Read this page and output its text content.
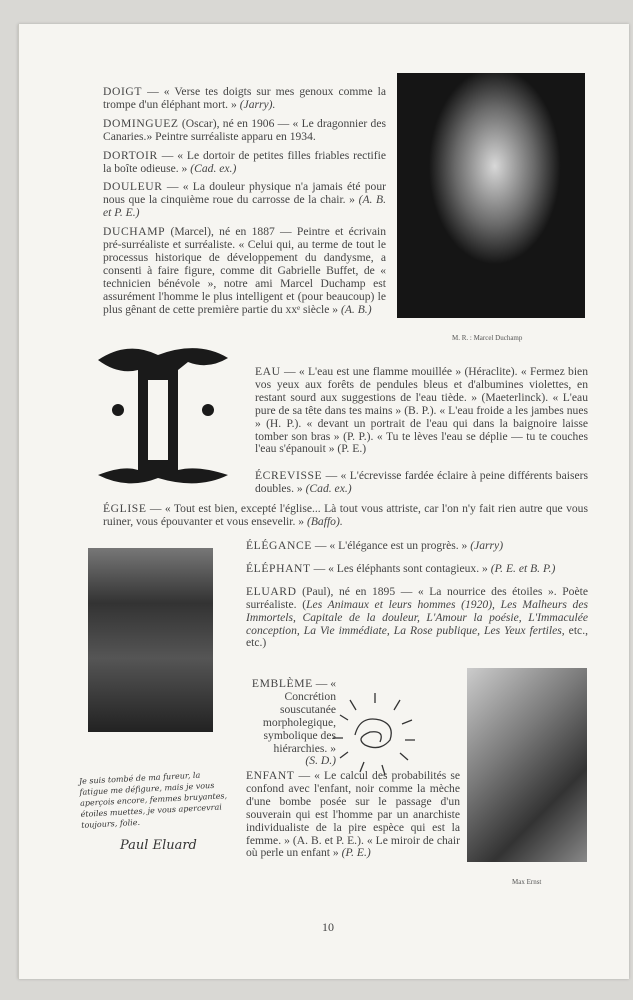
DOIGT — « Verse tes doigts sur mes genoux comme la trompe d'un éléphant mort. » (Jarry).

DOMINGUEZ (Oscar), né en 1906 — « Le dragonnier des Canaries.» Peintre surréaliste apparu en 1934.

DORTOIR — « Le dortoir de petites filles friables rectifie la boîte odieuse. » (Cad. ex.)

DOULEUR — « La douleur physique n'a jamais été pour nous que la cinquième roue du carrosse de la chair. » (A. B. et P. E.)

DUCHAMP (Marcel), né en 1887 — Peintre et écrivain pré-surréaliste et surréaliste. « Celui qui, au terme de tout le processus historique de développement du dandysme, a consenti à faire figure, comme dit Gabrielle Buffet, de « technicien bénévole », notre ami Marcel Duchamp est assurément l'homme le plus intelligent et (pour beaucoup) le plus gênant de cette première partie du xxᵉ siècle » (A. B.)

M. R. : Marcel Duchamp

EAU — « L'eau est une flamme mouillée » (Héraclite). « Fermez bien vos yeux aux forêts de pendules bleus et d'albumines violettes, en restant sourd aux suggestions de l'eau tiède. » (Maeterlinck). « L'eau pure de sa tête dans tes mains » (B. P.). « L'eau froide a les jambes nues » (H. P.). « devant un portrait de l'eau qui dans la baignoire laisse tomber son bras » (P. P.). « Tu te lèves l'eau se déplie — tu te couches l'eau s'épanouit » (P. E.)

ÉCREVISSE — « L'écrevisse fardée éclaire à peine différents baisers doubles. » (Cad. ex.)

ÉGLISE — « Tout est bien, excepté l'église... Là tout vous attriste, car l'on n'y fait rien autre que vous ruiner, vous épouvanter et vous ensevelir. » (Baffo).

ÉLÉGANCE — « L'élégance est un progrès. » (Jarry)

ÉLÉPHANT — « Les éléphants sont contagieux. » (P. E. et B. P.)

ELUARD (Paul), né en 1895 — « La nourrice des étoiles ». Poète surréaliste. (Les Animaux et leurs hommes (1920), Les Malheurs des Immortels, Capitale de la douleur, L'Amour la poésie, L'Immaculée conception, La Vie immédiate, La Rose publique, Les Yeux fertiles, etc., etc.)

EMBLÈME — « Concrétion souscutanée morpholegique, symbolique des hiérarchies. »
(S. D.)
ENFANT — « Le calcul des probabilités se confond avec l'enfant, noir comme la mèche d'une bombe posée sur le passage d'un souverain qui est l'homme par un anarchiste individualiste de la pire espèce qui est la femme. » (A. B. et P. E.). « Le miroir de chair où perle un enfant » (P. E.)
Max Ernst
Je suis tombé de ma fureur, la fatigue me défigure, mais je vous aperçois encore, femmes bruyantes, étoiles muettes, je vous apercevrai toujours, folie.
Paul Eluard
10
